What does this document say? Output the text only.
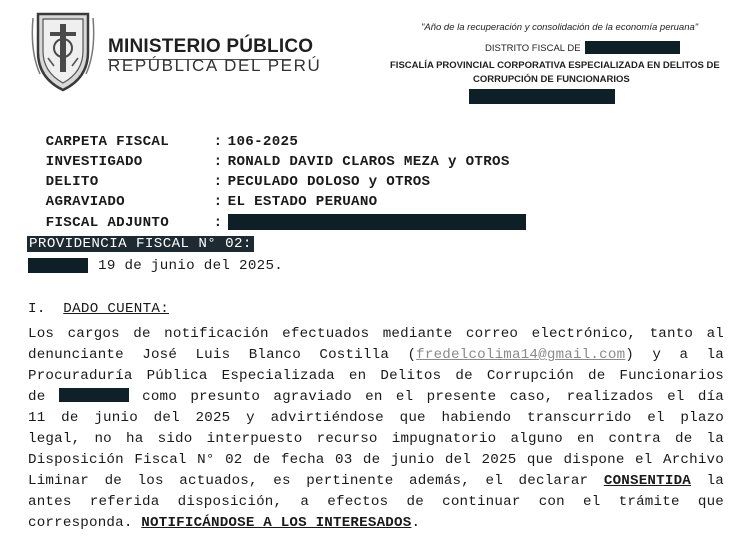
MINISTERIO PÚBLICO
REPÚBLICA DEL PERÚ
"Año de la recuperación y consolidación de la economía peruana"
DISTRITO FISCAL DE
FISCALÍA PROVINCIAL CORPORATIVA ESPECIALIZADA EN DELITOS DE
CORRUPCIÓN DE FUNCIONARIOS

CARPETA FISCAL	: 106-2025

INVESTIGADO	: RONALD DAVID CLAROS MEZA y OTROS

DELITO	: PECULADO DOLOSO y OTROS

AGRAVIADO	: EL ESTADO PERUANO

FISCAL ADJUNTO	:

PROVIDENCIA FISCAL N° 02:
19 de junio del 2025.
I. DADO CUENTA:
Los cargos de notificación efectuados mediante correo electrónico, tanto al
denunciante José Luis Blanco Costilla (fredelcolima14@gmail.com) y a la
Procuraduría Pública Especializada en Delitos de Corrupción de Funcionarios
de	como presunto agraviado en el presente caso, realizados el día
11 de junio del 2025 y advirtiéndose que habiendo transcurrido el plazo
legal, no ha sido interpuesto recurso impugnatorio alguno en contra de la
Disposición Fiscal N° 02 de fecha 03 de junio del 2025 que dispone el Archivo
Liminar de los actuados, es pertinente además, el declarar CONSENTIDA la
antes referida disposición, a efectos de continuar con el trámite que
corresponda. NOTIFICÁNDOSE A LOS INTERESADOS.
